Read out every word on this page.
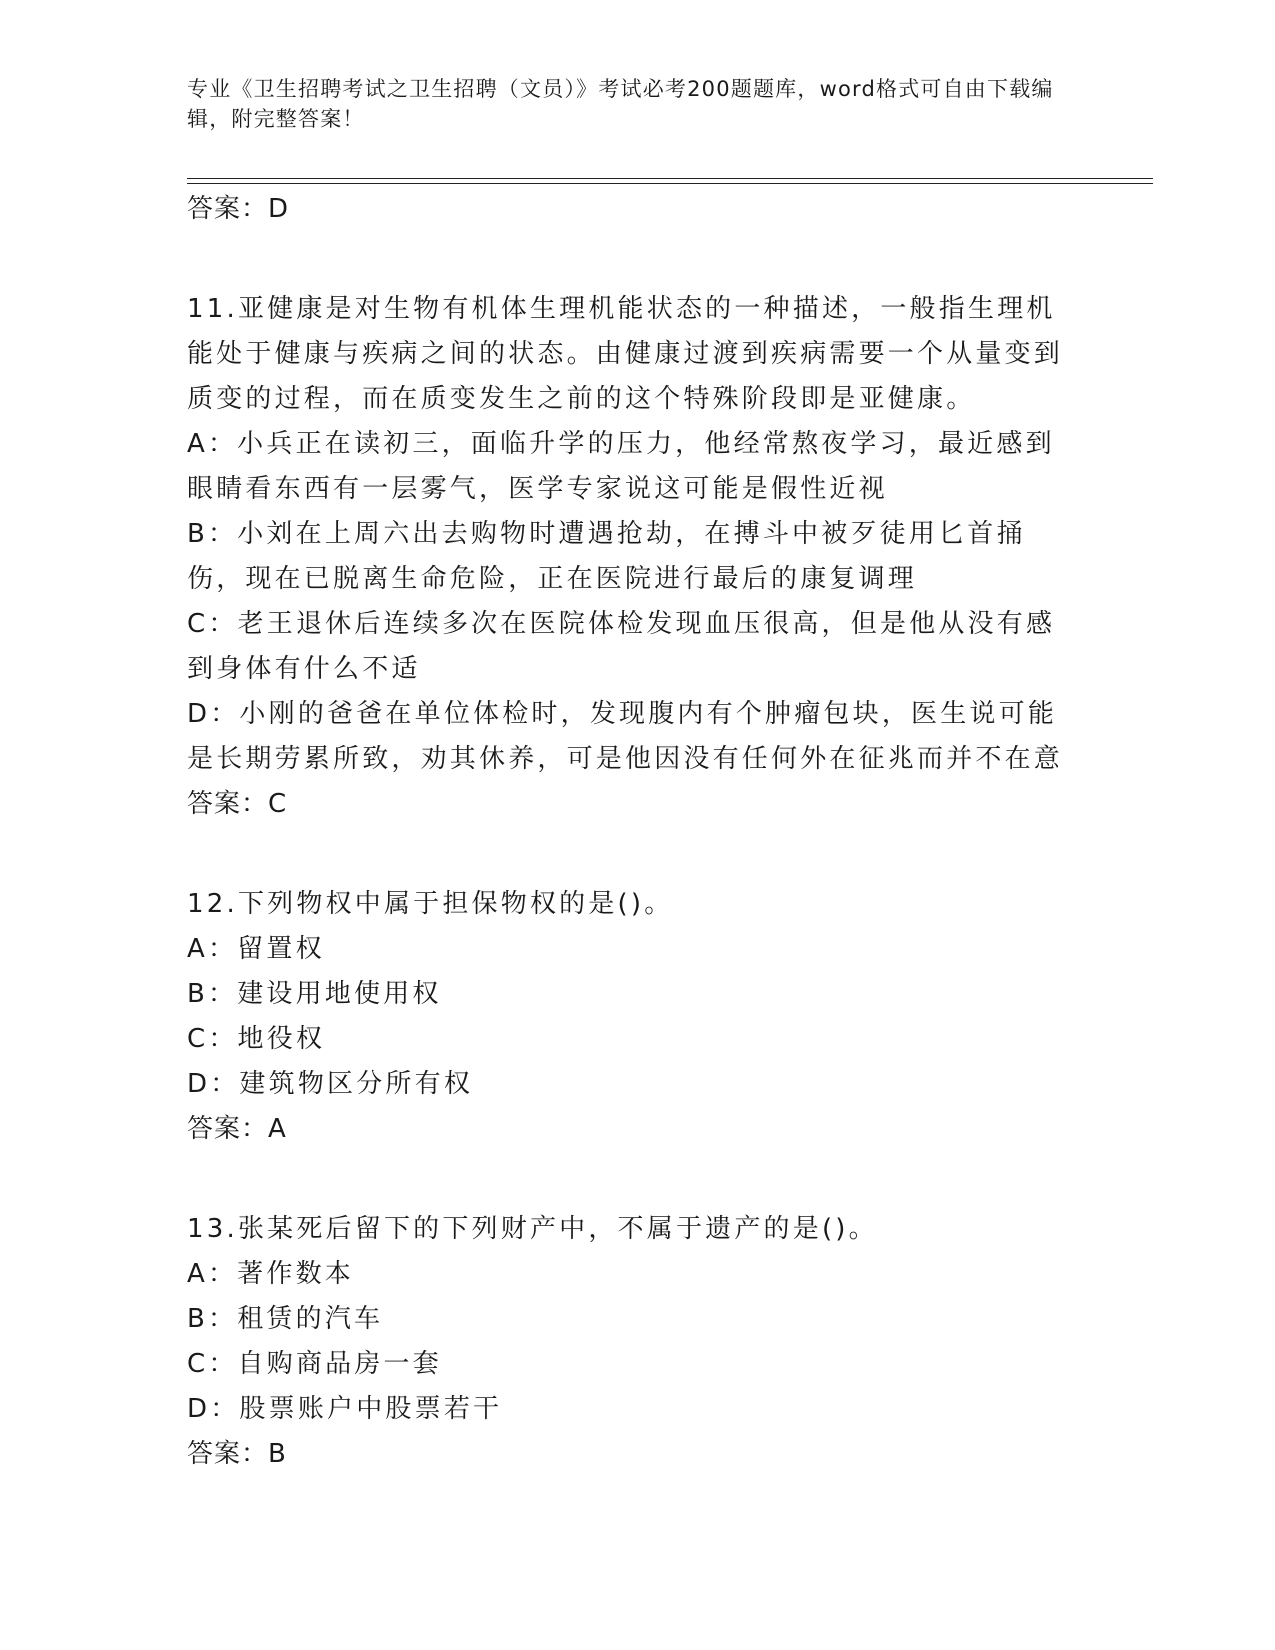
专业《卫生招聘考试之卫生招聘（文员）》考试必考200题题库，word格式可自由下载编辑，附完整答案！
答案：D
11.亚健康是对生物有机体生理机能状态的一种描述，一般指生理机能处于健康与疾病之间的状态。由健康过渡到疾病需要一个从量变到质变的过程，而在质变发生之前的这个特殊阶段即是亚健康。
A：小兵正在读初三，面临升学的压力，他经常熬夜学习，最近感到眼睛看东西有一层雾气，医学专家说这可能是假性近视
B：小刘在上周六出去购物时遭遇抢劫，在搏斗中被歹徒用匕首捅伤，现在已脱离生命危险，正在医院进行最后的康复调理
C：老王退休后连续多次在医院体检发现血压很高，但是他从没有感到身体有什么不适
D：小刚的爸爸在单位体检时，发现腹内有个肿瘤包块，医生说可能是长期劳累所致，劝其休养，可是他因没有任何外在征兆而并不在意
答案：C
12.下列物权中属于担保物权的是()。
A：留置权
B：建设用地使用权
C：地役权
D：建筑物区分所有权
答案：A
13.张某死后留下的下列财产中，不属于遗产的是()。
A：著作数本
B：租赁的汽车
C：自购商品房一套
D：股票账户中股票若干
答案：B
